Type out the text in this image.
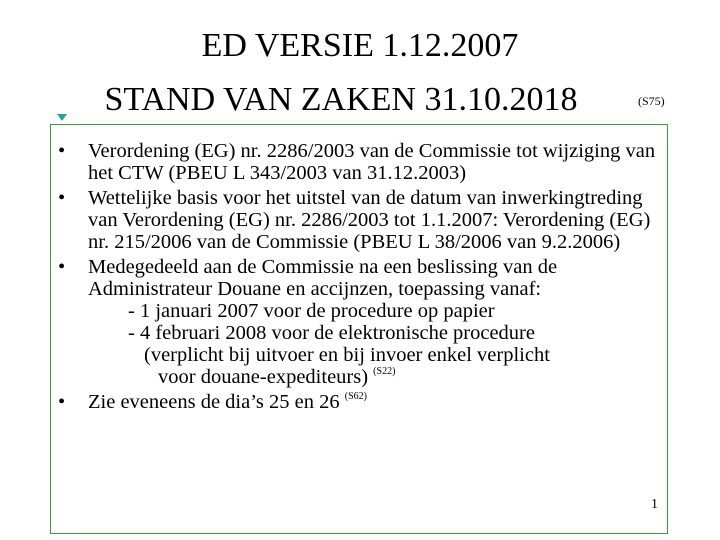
ED VERSIE 1.12.2007
STAND VAN ZAKEN 31.10.2018	(S75)
• Verordening (EG) nr. 2286/2003 van de Commissie tot wijziging van het CTW (PBEU L 343/2003 van 31.12.2003)
• Wettelijke basis voor het uitstel van de datum van inwerkingtreding van Verordening (EG) nr. 2286/2003 tot 1.1.2007: Verordening (EG) nr. 215/2006 van de Commissie (PBEU L 38/2006 van 9.2.2006)
• Medegedeeld aan de Commissie na een beslissing van de Administrateur Douane en accijnzen, toepassing vanaf:
- 1 januari 2007 voor de procedure op papier
- 4 februari 2008 voor de elektronische procedure
(verplicht bij uitvoer en bij invoer enkel verplicht
voor douane-expediteurs) $^{(S22)}$
• Zie eveneens de dia’s 25 en 26 $^{(S62)}$
1
